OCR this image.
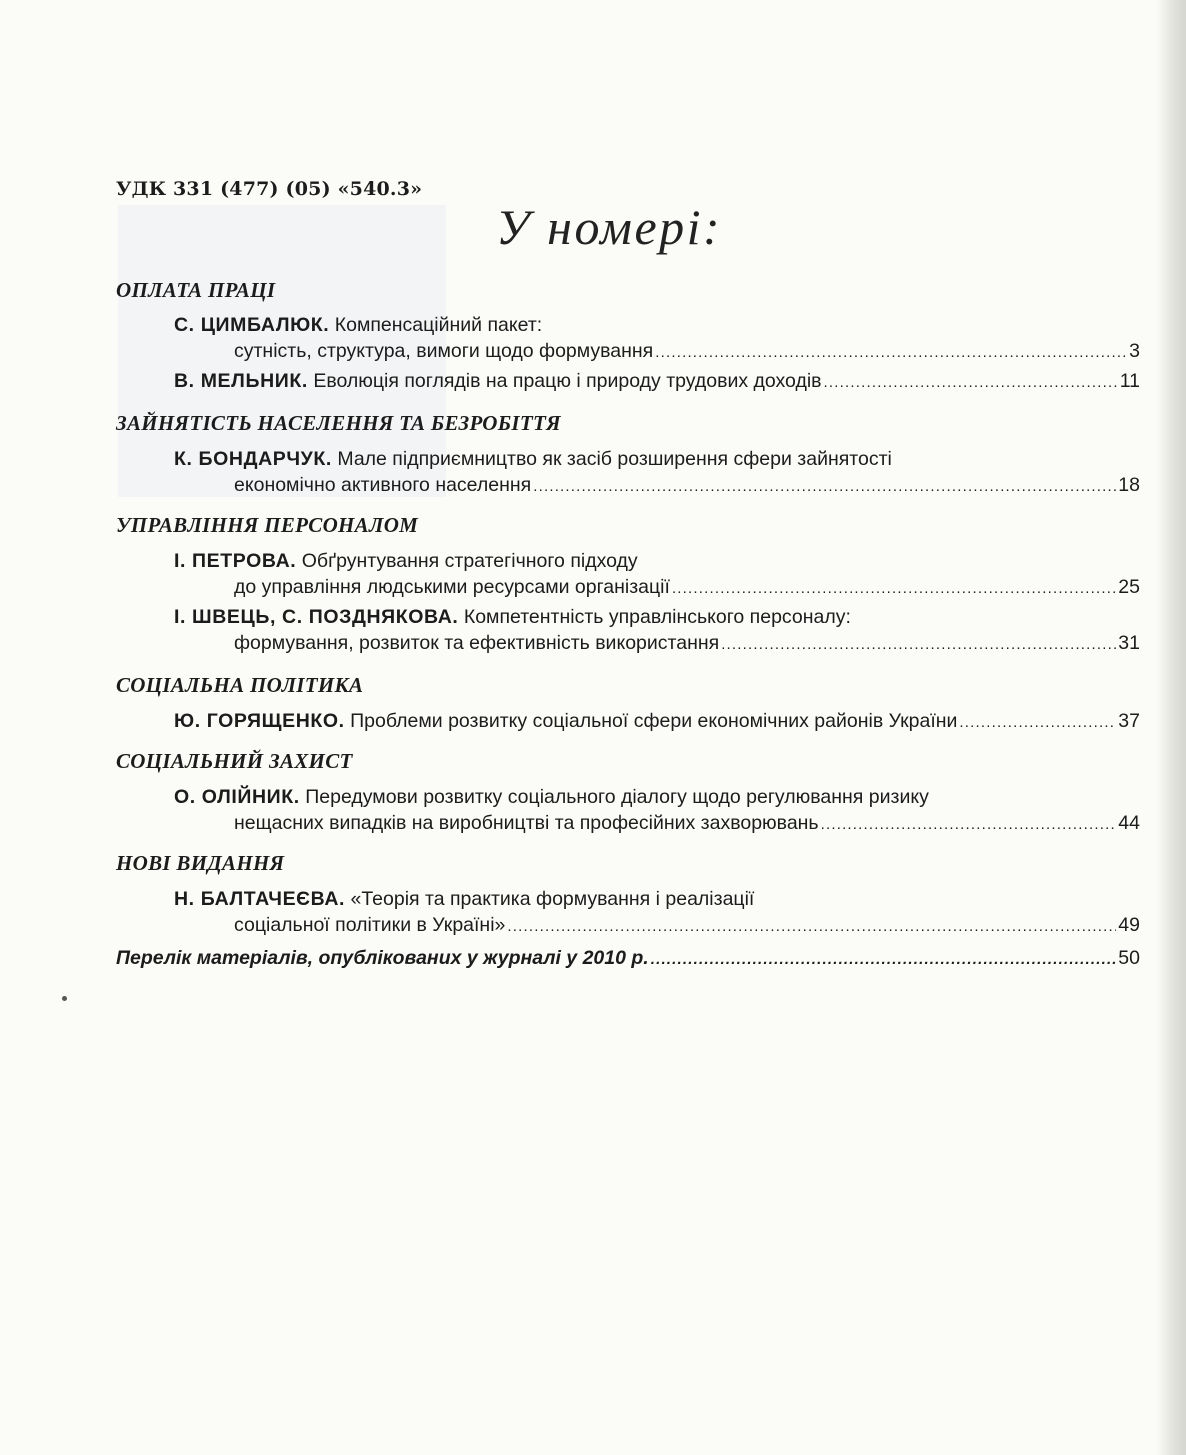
УДК 331 (477) (05) «540.3»
У номері:
ОПЛАТА ПРАЦІ
С. ЦИМБАЛЮК. Компенсаційний пакет:
сутність, структура, вимоги щодо формування .....	3
В. МЕЛЬНИК. Еволюція поглядів на працю і природу трудових доходів .....	11
ЗАЙНЯТІСТЬ НАСЕЛЕННЯ ТА БЕЗРОБІТТЯ
К. БОНДАРЧУК. Мале підприємництво як засіб розширення сфери зайнятості
економічно активного населення .....	18
УПРАВЛІННЯ ПЕРСОНАЛОМ
І. ПЕТРОВА. Обґрунтування стратегічного підходу
до управління людськими ресурсами організації .....	25
І. ШВЕЦЬ, С. ПОЗДНЯКОВА. Компетентність управлінського персоналу:
формування, розвиток та ефективність використання .....	31
СОЦІАЛЬНА ПОЛІТИКА
Ю. ГОРЯЩЕНКО. Проблеми розвитку соціальної сфери економічних районів України .....	37
СОЦІАЛЬНИЙ ЗАХИСТ
О. ОЛІЙНИК. Передумови розвитку соціального діалогу щодо регулювання ризику
нещасних випадків на виробництві та професійних захворювань .....	44
НОВІ ВИДАННЯ
Н. БАЛТАЧЕЄВА. «Теорія та практика формування і реалізації
соціальної політики в Україні» .....	49
Перелік матеріалів, опублікованих у журналі у 2010 р. .....	50
